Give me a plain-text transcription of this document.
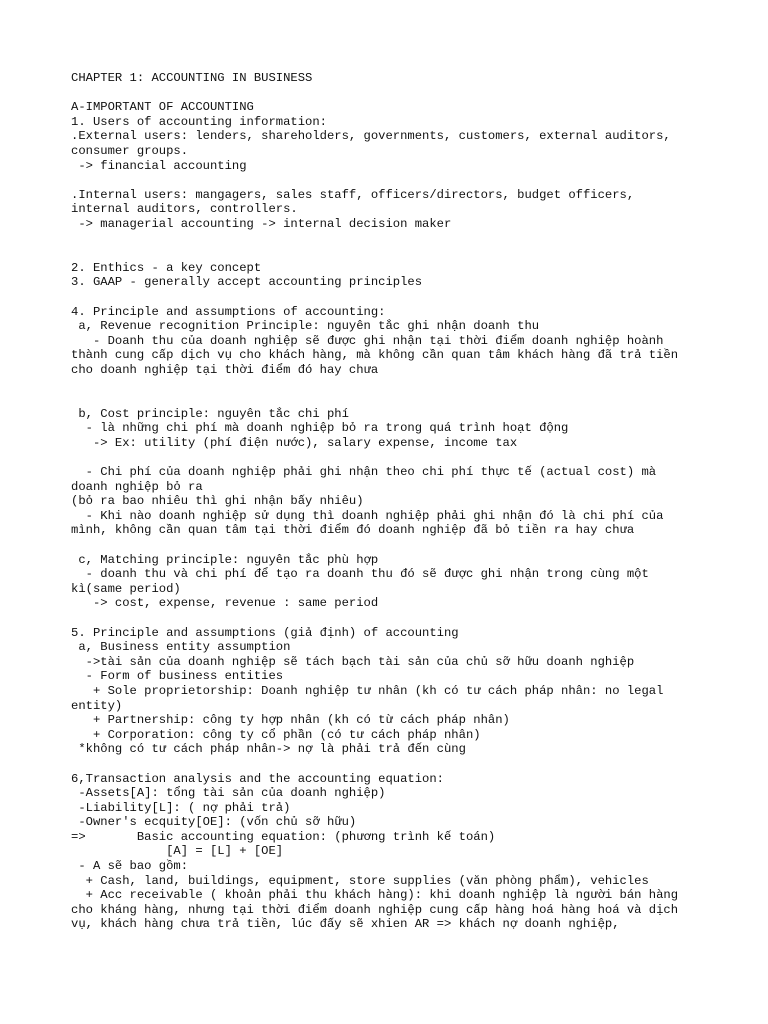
CHAPTER 1: ACCOUNTING IN BUSINESS
A-IMPORTANT OF ACCOUNTING
1. Users of accounting information:
.External users: lenders, shareholders, governments, customers, external auditors,
consumer groups.
-> financial accounting
.Internal users: mangagers, sales staff, officers/directors, budget officers,
internal auditors, controllers.
-> managerial accounting -> internal decision maker
2. Enthics - a key concept
3. GAAP - generally accept accounting principles
4. Principle and assumptions of accounting:
a, Revenue recognition Principle: nguyên tắc ghi nhận doanh thu
- Doanh thu của doanh nghiệp sẽ được ghi nhận tại thời điểm doanh nghiệp hoành
thành cung cấp dịch vụ cho khách hàng, mà không cần quan tâm khách hàng đã trả tiền
cho doanh nghiệp tại thời điểm đó hay chưa
b, Cost principle: nguyên tắc chi phí
- là những chi phí mà doanh nghiệp bỏ ra trong quá trình hoạt động
-> Ex: utility (phí điện nước), salary expense, income tax
- Chi phí của doanh nghiệp phải ghi nhận theo chi phí thực tế (actual cost) mà
doanh nghiệp bỏ ra
(bỏ ra bao nhiêu thì ghi nhận bấy nhiêu)
- Khi nào doanh nghiệp sử dụng thì doanh nghiệp phải ghi nhận đó là chi phí của
mình, không cần quan tâm tại thời điểm đó doanh nghiệp đã bỏ tiền ra hay chưa
c, Matching principle: nguyên tắc phù hợp
- doanh thu và chi phí để tạo ra doanh thu đó sẽ được ghi nhận trong cùng một
kì(same period)
-> cost, expense, revenue : same period
5. Principle and assumptions (giả định) of accounting
a, Business entity assumption
->tài sản của doanh nghiệp sẽ tách bạch tài sản của chủ sỡ hữu doanh nghiệp
- Form of business entities
+ Sole proprietorship: Doanh nghiệp tư nhân (kh có tư cách pháp nhân: no legal
entity)
+ Partnership: công ty hợp nhân (kh có từ cách pháp nhân)
+ Corporation: công ty cổ phần (có tư cách pháp nhân)
*không có tư cách pháp nhân-> nợ là phải trả đến cùng
6,Transaction analysis and the accounting equation:
-Assets[A]: tổng tài sản của doanh nghiệp)
-Liability[L]: ( nợ phải trả)
-Owner's ecquity[OE]: (vốn chủ sỡ hữu)
=>       Basic accounting equation: (phương trình kế toán)
[A] = [L] + [OE]
- A sẽ bao gồm:
+ Cash, land, buildings, equipment, store supplies (văn phòng phẩm), vehicles
+ Acc receivable ( khoản phải thu khách hàng): khi doanh nghiệp là người bán hàng
cho kháng hàng, nhưng tại thời điểm doanh nghiệp cung cấp hàng hoá hàng hoá và dịch
vụ, khách hàng chưa trả tiền, lúc đấy sẽ xhien AR => khách nợ doanh nghiệp,
